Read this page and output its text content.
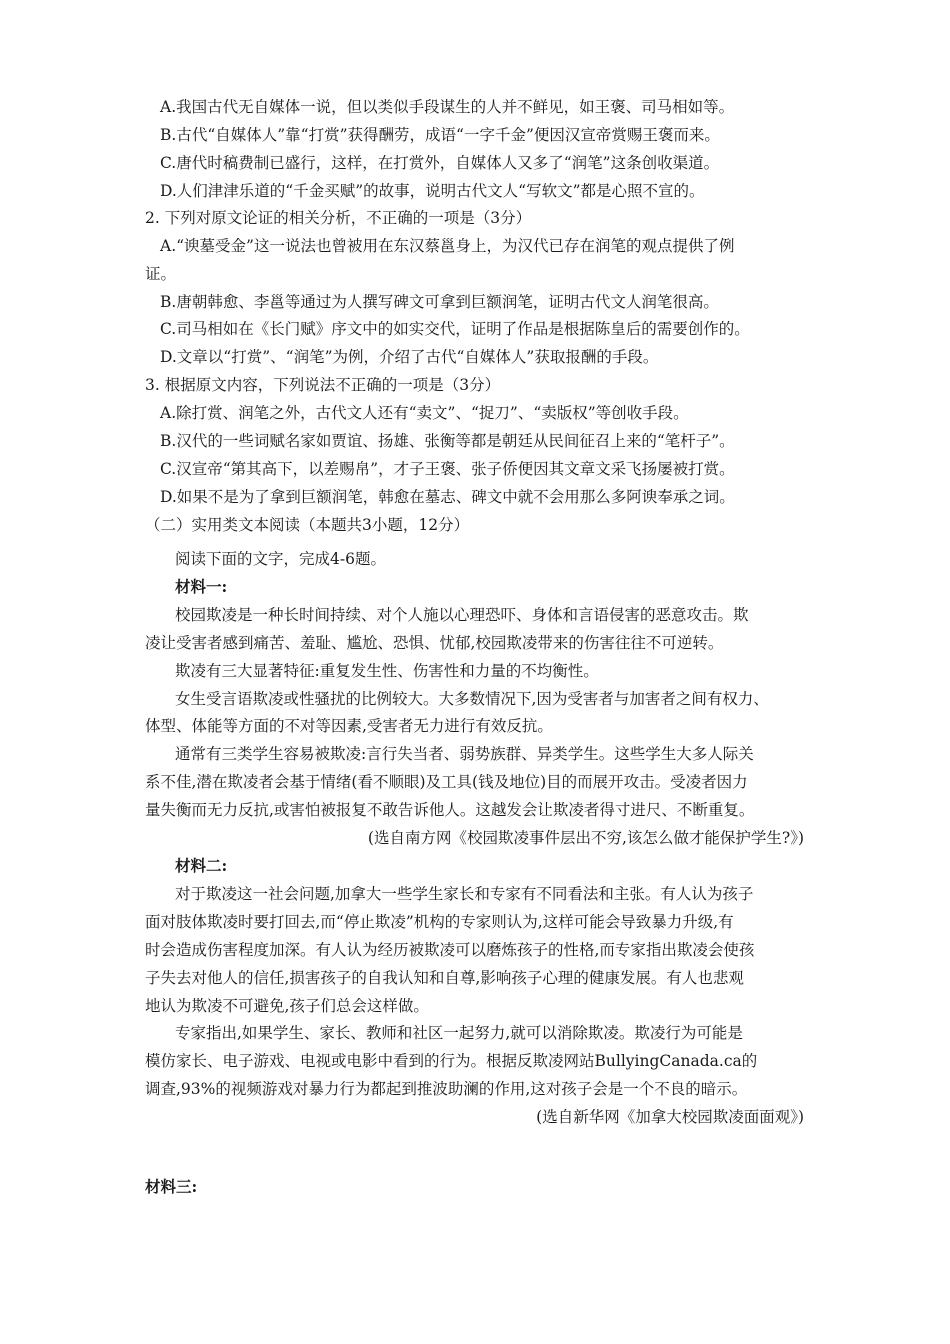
A.我国古代无自媒体一说，但以类似手段谋生的人并不鲜见，如王褒、司马相如等。
B.古代“自媒体人”靠“打赏”获得酬劳，成语“一字千金”便因汉宣帝赏赐王褒而来。
C.唐代时稿费制已盛行，这样，在打赏外，自媒体人又多了“润笔”这条创收渠道。
D.人们津津乐道的“千金买赋”的故事，说明古代文人“写软文”都是心照不宣的。
2. 下列对原文论证的相关分析，不正确的一项是（3分）
A.“谀墓受金”这一说法也曾被用在东汉蔡邕身上，为汉代已存在润笔的观点提供了例
证。
B.唐朝韩愈、李邕等通过为人撰写碑文可拿到巨额润笔，证明古代文人润笔很高。
C.司马相如在《长门赋》序文中的如实交代，证明了作品是根据陈皇后的需要创作的。
D.文章以“打赏”、“润笔”为例，介绍了古代“自媒体人”获取报酬的手段。
3. 根据原文内容，下列说法不正确的一项是（3分）
A.除打赏、润笔之外，古代文人还有“卖文”、“捉刀”、“卖版权”等创收手段。
B.汉代的一些词赋名家如贾谊、扬雄、张衡等都是朝廷从民间征召上来的“笔杆子”。
C.汉宣帝“第其高下，以差赐帛”，才子王褒、张子侨便因其文章文采飞扬屡被打赏。
D.如果不是为了拿到巨额润笔，韩愈在墓志、碑文中就不会用那么多阿谀奉承之词。
（二）实用类文本阅读（本题共3小题，12分）
阅读下面的文字，完成4-6题。
材料一:
校园欺凌是一种长时间持续、对个人施以心理恐吓、身体和言语侵害的恶意攻击。欺
凌让受害者感到痛苦、羞耻、尴尬、恐惧、忧郁,校园欺凌带来的伤害往往不可逆转。
欺凌有三大显著特征:重复发生性、伤害性和力量的不均衡性。
女生受言语欺凌或性骚扰的比例较大。大多数情况下,因为受害者与加害者之间有权力、
体型、体能等方面的不对等因素,受害者无力进行有效反抗。
通常有三类学生容易被欺凌:言行失当者、弱势族群、异类学生。这些学生大多人际关
系不佳,潜在欺凌者会基于情绪(看不顺眼)及工具(钱及地位)目的而展开攻击。受凌者因力
量失衡而无力反抗,或害怕被报复不敢告诉他人。这越发会让欺凌者得寸进尺、不断重复。
(选自南方网《校园欺凌事件层出不穷,该怎么做才能保护学生?》)
材料二:
对于欺凌这一社会问题,加拿大一些学生家长和专家有不同看法和主张。有人认为孩子
面对肢体欺凌时要打回去,而“停止欺凌”机构的专家则认为,这样可能会导致暴力升级,有
时会造成伤害程度加深。有人认为经历被欺凌可以磨炼孩子的性格,而专家指出欺凌会使孩
子失去对他人的信任,损害孩子的自我认知和自尊,影响孩子心理的健康发展。有人也悲观
地认为欺凌不可避免,孩子们总会这样做。
专家指出,如果学生、家长、教师和社区一起努力,就可以消除欺凌。欺凌行为可能是
模仿家长、电子游戏、电视或电影中看到的行为。根据反欺凌网站BullyingCanada.ca的
调查,93%的视频游戏对暴力行为都起到推波助澜的作用,这对孩子会是一个不良的暗示。
(选自新华网《加拿大校园欺凌面面观》)
材料三:
